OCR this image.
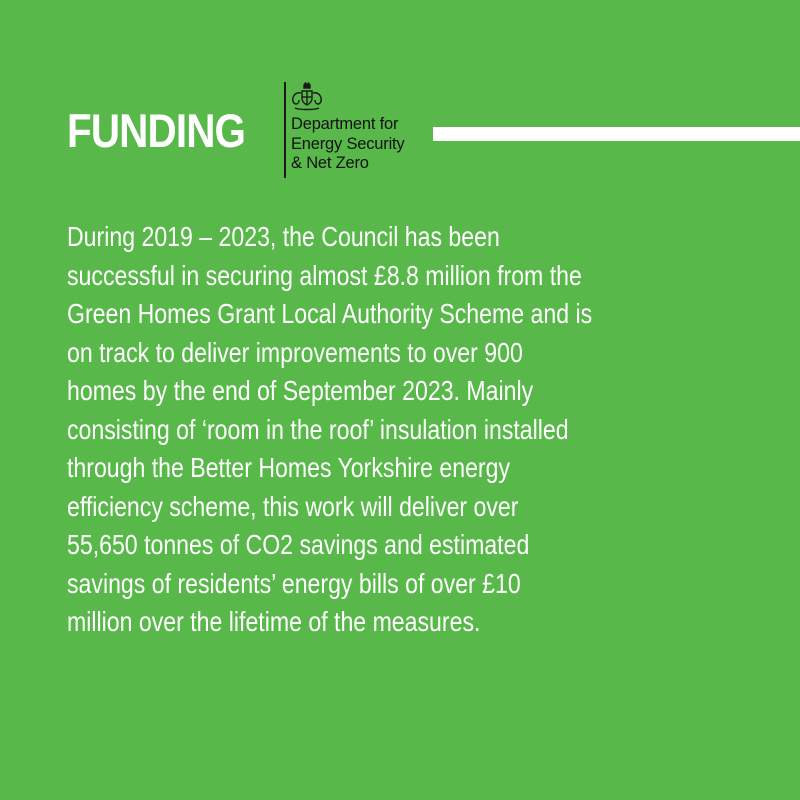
FUNDING	Department for
Energy Security
& Net Zero
During 2019 – 2023, the Council has been
successful in securing almost £8.8 million from the
Green Homes Grant Local Authority Scheme and is
on track to deliver improvements to over 900
homes by the end of September 2023. Mainly
consisting of ‘room in the roof’ insulation installed
through the Better Homes Yorkshire energy
efficiency scheme, this work will deliver over
55,650 tonnes of CO2 savings and estimated
savings of residents’ energy bills of over £10
million over the lifetime of the measures.
